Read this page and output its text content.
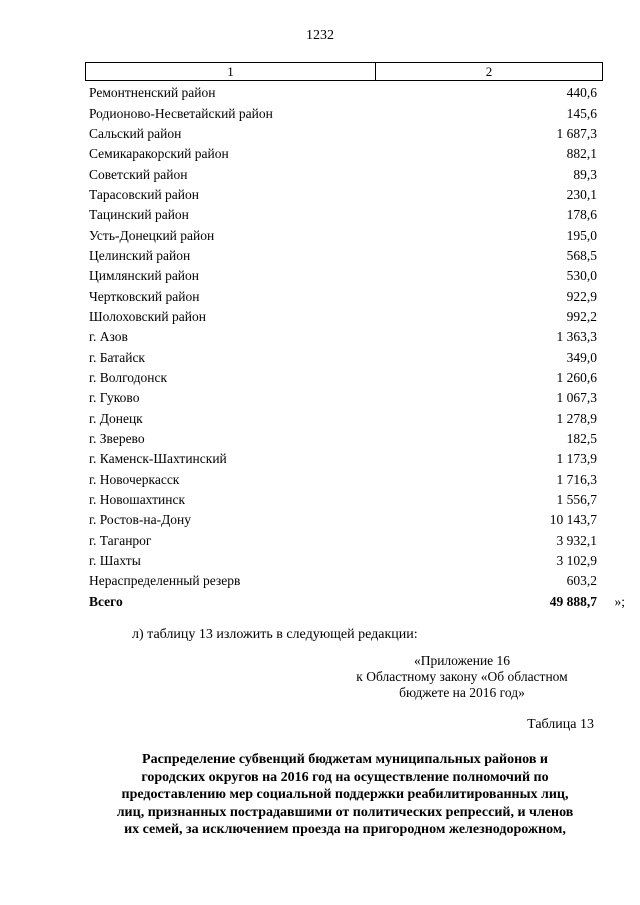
1232
1	2
Ремонтненский район	440,6
Родионово-Несветайский район	145,6
Сальский район	1 687,3
Семикаракорский район	882,1
Советский район	89,3
Тарасовский район	230,1
Тацинский район	178,6
Усть-Донецкий район	195,0
Целинский район	568,5
Цимлянский район	530,0
Чертковский район	922,9
Шолоховский район	992,2
г. Азов	1 363,3
г. Батайск	349,0
г. Волгодонск	1 260,6
г. Гуково	1 067,3
г. Донецк	1 278,9
г. Зверево	182,5
г. Каменск-Шахтинский	1 173,9
г. Новочеркасск	1 716,3
г. Новошахтинск	1 556,7
г. Ростов-на-Дону	10 143,7
г. Таганрог	3 932,1
г. Шахты	3 102,9
Нераспределенный резерв	603,2
Всего	49 888,7 »;
л) таблицу 13 изложить в следующей редакции:
«Приложение 16
к Областному закону «Об областном
бюджете на 2016 год»
Таблица 13
Распределение субвенций бюджетам муниципальных районов и
городских округов на 2016 год на осуществление полномочий по
предоставлению мер социальной поддержки реабилитированных лиц,
лиц, признанных пострадавшими от политических репрессий, и членов
их семей, за исключением проезда на пригородном железнодорожном,
